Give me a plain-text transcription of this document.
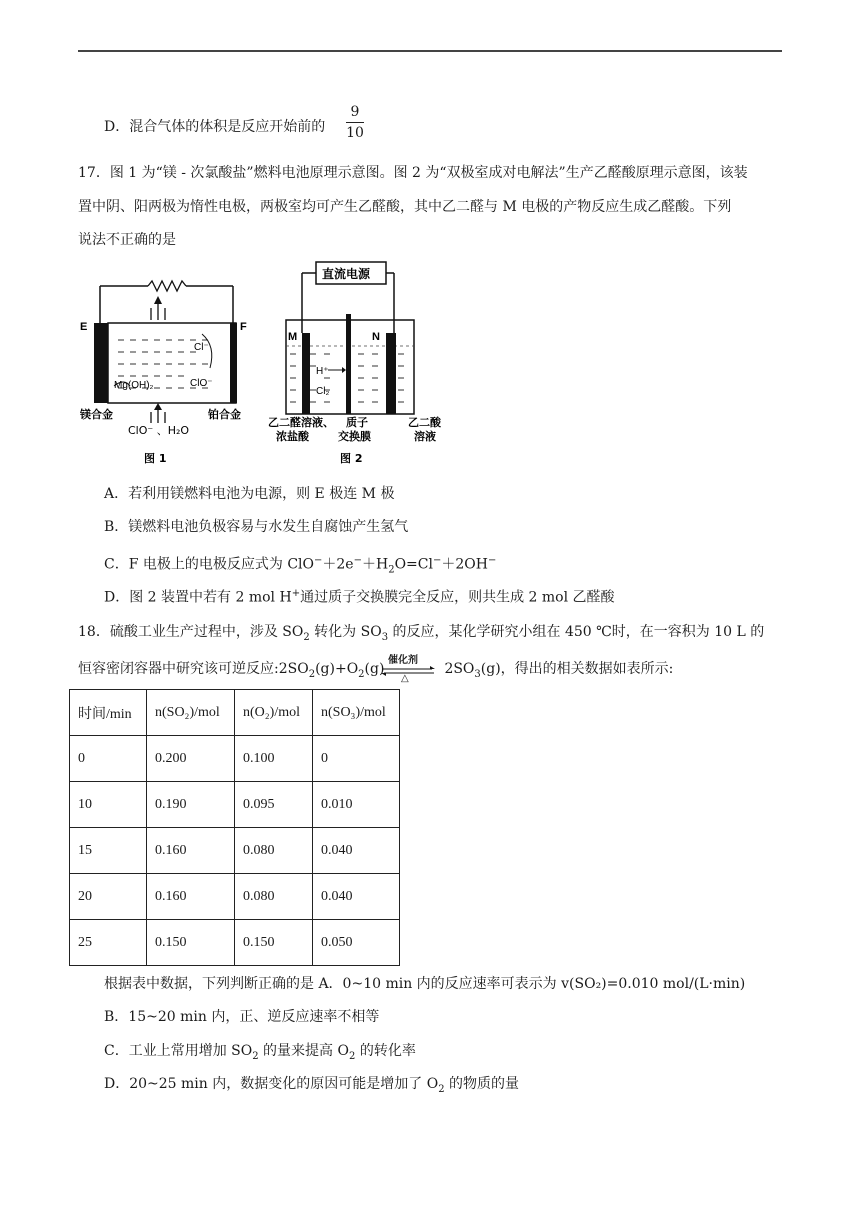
D．混合气体的体积是反应开始前的
9
10
17．图 1 为“镁 - 次氯酸盐”燃料电池原理示意图。图 2 为“双极室成对电解法”生产乙醛酸原理示意图，该装
置中阴、阳两极为惰性电极，两极室均可产生乙醛酸，其中乙二醛与 M 电极的产物反应生成乙醛酸。下列
说法不正确的是
E	F
Cl⁻
Mg(OH)₂	ClO⁻
镁合金	铂合金
ClO⁻ 、H₂O
图 1
直流电源
M	N
H⁺
Cl₂
乙二醛溶液、
浓盐酸
质子
交换膜
乙二酸
溶液
图 2
A．若利用镁燃料电池为电源，则 E 极连 M 极
B．镁燃料电池负极容易与水发生自腐蚀产生氢气
C．F 电极上的电极反应式为 $ClO^-+2e^-+H_2O=Cl^-+2OH^-$
D．图 2 装置中若有 2 mol H+通过质子交换膜完全反应，则共生成 2 mol 乙醛酸
18．硫酸工业生产过程中，涉及 $SO_2$ 转化为 $SO_3$ 的反应，某化学研究小组在 450 ℃时，在一容积为 10 L 的
恒容密闭容器中研究该可逆反应$:2SO_2(g)+O_2(g)$	$2SO_3(g)$，得出的相关数据如表所示:
催化剂
△
时间/min	n(SO₂)/mol	n(O₂)/mol	n(SO₃)/mol
0	0.200	0.100	0
10	0.190	0.095	0.010
15	0.160	0.080	0.040
20	0.160	0.080	0.040
25	0.150	0.150	0.050
根据表中数据，下列判断正确的是 A．0~10 min 内的反应速率可表示为 v(SO₂)=0.010 mol/(L·min)
B．15~20 min 内，正、逆反应速率不相等
C．工业上常用增加 $SO_2$ 的量来提高 $O_2$ 的转化率
D．20~25 min 内，数据变化的原因可能是增加了 $O_2$ 的物质的量
